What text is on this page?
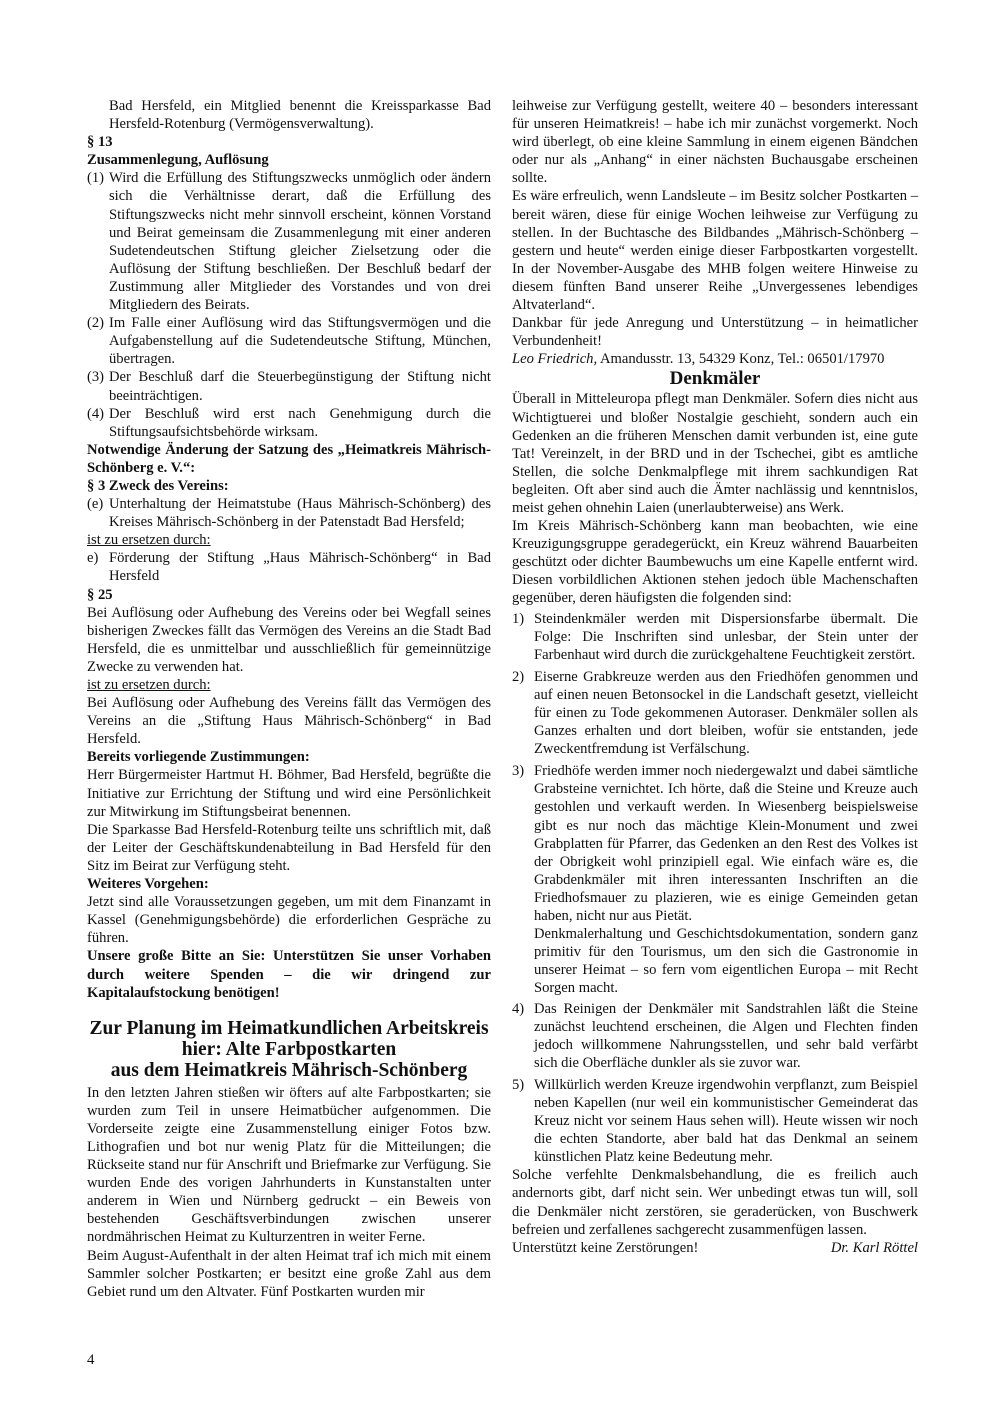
Bad Hersfeld, ein Mitglied benennt die Kreissparkasse Bad Hersfeld-Rotenburg (Vermögensverwaltung).

§ 13

Zusammenlegung, Auflösung

(1) Wird die Erfüllung des Stiftungszwecks unmöglich oder ändern sich die Verhältnisse derart, daß die Erfüllung des Stiftungszwecks nicht mehr sinnvoll erscheint, können Vorstand und Beirat gemeinsam die Zusammenlegung mit einer anderen Sudetendeutschen Stiftung gleicher Zielsetzung oder die Auflösung der Stiftung beschließen. Der Beschluß bedarf der Zustimmung aller Mitglieder des Vorstandes und von drei Mitgliedern des Beirats.
(2) Im Falle einer Auflösung wird das Stiftungsvermögen und die Aufgabenstellung auf die Sudetendeutsche Stiftung, München, übertragen.
(3) Der Beschluß darf die Steuerbegünstigung der Stiftung nicht beeinträchtigen.
(4) Der Beschluß wird erst nach Genehmigung durch die Stiftungsaufsichtsbehörde wirksam.

Notwendige Änderung der Satzung des „Heimatkreis Mährisch-Schönberg e. V.“:

§ 3 Zweck des Vereins:

(e) Unterhaltung der Heimatstube (Haus Mährisch-Schönberg) des Kreises Mährisch-Schönberg in der Patenstadt Bad Hersfeld;

ist zu ersetzen durch:

e) Förderung der Stiftung „Haus Mährisch-Schönberg“ in Bad Hersfeld

§ 25

Bei Auflösung oder Aufhebung des Vereins oder bei Wegfall seines bisherigen Zweckes fällt das Vermögen des Vereins an die Stadt Bad Hersfeld, die es unmittelbar und ausschließlich für gemeinnützige Zwecke zu verwenden hat.

ist zu ersetzen durch:

Bei Auflösung oder Aufhebung des Vereins fällt das Vermögen des Vereins an die „Stiftung Haus Mährisch-Schönberg“ in Bad Hersfeld.

Bereits vorliegende Zustimmungen:

Herr Bürgermeister Hartmut H. Böhmer, Bad Hersfeld, begrüßte die Initiative zur Errichtung der Stiftung und wird eine Persönlichkeit zur Mitwirkung im Stiftungsbeirat benennen.

Die Sparkasse Bad Hersfeld-Rotenburg teilte uns schriftlich mit, daß der Leiter der Geschäftskundenabteilung in Bad Hersfeld für den Sitz im Beirat zur Verfügung steht.

Weiteres Vorgehen:

Jetzt sind alle Voraussetzungen gegeben, um mit dem Finanzamt in Kassel (Genehmigungsbehörde) die erforderlichen Gespräche zu führen.

Unsere große Bitte an Sie: Unterstützen Sie unser Vorhaben durch weitere Spenden – die wir dringend zur Kapitalaufstockung benötigen!

Zur Planung im Heimatkundlichen Arbeitskreis

hier: Alte Farbpostkarten

aus dem Heimatkreis Mährisch-Schönberg

In den letzten Jahren stießen wir öfters auf alte Farbpostkarten; sie wurden zum Teil in unsere Heimatbücher aufgenommen. Die Vorderseite zeigte eine Zusammenstellung einiger Fotos bzw. Lithografien und bot nur wenig Platz für die Mitteilungen; die Rückseite stand nur für Anschrift und Briefmarke zur Verfügung. Sie wurden Ende des vorigen Jahrhunderts in Kunstanstalten unter anderem in Wien und Nürnberg gedruckt – ein Beweis von bestehenden Geschäftsverbindungen zwischen unserer nordmährischen Heimat zu Kulturzentren in weiter Ferne.

Beim August-Aufenthalt in der alten Heimat traf ich mich mit einem Sammler solcher Postkarten; er besitzt eine große Zahl aus dem Gebiet rund um den Altvater. Fünf Postkarten wurden mir

leihweise zur Verfügung gestellt, weitere 40 – besonders interessant für unseren Heimatkreis! – habe ich mir zunächst vorgemerkt. Noch wird überlegt, ob eine kleine Sammlung in einem eigenen Bändchen oder nur als „Anhang“ in einer nächsten Buchausgabe erscheinen sollte.

Es wäre erfreulich, wenn Landsleute – im Besitz solcher Postkarten – bereit wären, diese für einige Wochen leihweise zur Verfügung zu stellen. In der Buchtasche des Bildbandes „Mährisch-Schönberg – gestern und heute“ werden einige dieser Farbpostkarten vorgestellt. In der November-Ausgabe des MHB folgen weitere Hinweise zu diesem fünften Band unserer Reihe „Unvergessenes lebendiges Altvaterland“.

Dankbar für jede Anregung und Unterstützung – in heimatlicher Verbundenheit!

Leo Friedrich, Amandusstr. 13, 54329 Konz, Tel.: 06501/17970

Denkmäler

Überall in Mitteleuropa pflegt man Denkmäler. Sofern dies nicht aus Wichtigtuerei und bloßer Nostalgie geschieht, sondern auch ein Gedenken an die früheren Menschen damit verbunden ist, eine gute Tat! Vereinzelt, in der BRD und in der Tschechei, gibt es amtliche Stellen, die solche Denkmalpflege mit ihrem sachkundigen Rat begleiten. Oft aber sind auch die Ämter nachlässig und kenntnislos, meist gehen ohnehin Laien (unerlaubterweise) ans Werk.

Im Kreis Mährisch-Schönberg kann man beobachten, wie eine Kreuzigungsgruppe geradegerückt, ein Kreuz während Bauarbeiten geschützt oder dichter Baumbewuchs um eine Kapelle entfernt wird. Diesen vorbildlichen Aktionen stehen jedoch üble Machenschaften gegenüber, deren häufigsten die folgenden sind:

1) Steindenkmäler werden mit Dispersionsfarbe übermalt. Die Folge: Die Inschriften sind unlesbar, der Stein unter der Farbenhaut wird durch die zurückgehaltene Feuchtigkeit zerstört.
2) Eiserne Grabkreuze werden aus den Friedhöfen genommen und auf einen neuen Betonsockel in die Landschaft gesetzt, vielleicht für einen zu Tode gekommenen Autoraser. Denkmäler sollen als Ganzes erhalten und dort bleiben, wofür sie entstanden, jede Zweckentfremdung ist Verfälschung.
3) Friedhöfe werden immer noch niedergewalzt und dabei sämtliche Grabsteine vernichtet. Ich hörte, daß die Steine und Kreuze auch gestohlen und verkauft werden. In Wiesenberg beispielsweise gibt es nur noch das mächtige Klein-Monument und zwei Grabplatten für Pfarrer, das Gedenken an den Rest des Volkes ist der Obrigkeit wohl prinzipiell egal. Wie einfach wäre es, die Grabdenkmäler mit ihren interessanten Inschriften an die Friedhofsmauer zu plazieren, wie es einige Gemeinden getan haben, nicht nur aus Pietät.
Denkmalerhaltung und Geschichtsdokumentation, sondern ganz primitiv für den Tourismus, um den sich die Gastronomie in unserer Heimat – so fern vom eigentlichen Europa – mit Recht Sorgen macht.
4) Das Reinigen der Denkmäler mit Sandstrahlen läßt die Steine zunächst leuchtend erscheinen, die Algen und Flechten finden jedoch willkommene Nahrungsstellen, und sehr bald verfärbt sich die Oberfläche dunkler als sie zuvor war.
5) Willkürlich werden Kreuze irgendwohin verpflanzt, zum Beispiel neben Kapellen (nur weil ein kommunistischer Gemeinderat das Kreuz nicht vor seinem Haus sehen will). Heute wissen wir noch die echten Standorte, aber bald hat das Denkmal an seinem künstlichen Platz keine Bedeutung mehr.

Solche verfehlte Denkmalsbehandlung, die es freilich auch andernorts gibt, darf nicht sein. Wer unbedingt etwas tun will, soll die Denkmäler nicht zerstören, sie geraderücken, von Buschwerk befreien und zerfallenes sachgerecht zusammenfügen lassen.

Unterstützt keine Zerstörungen!	Dr. Karl Röttel
4
